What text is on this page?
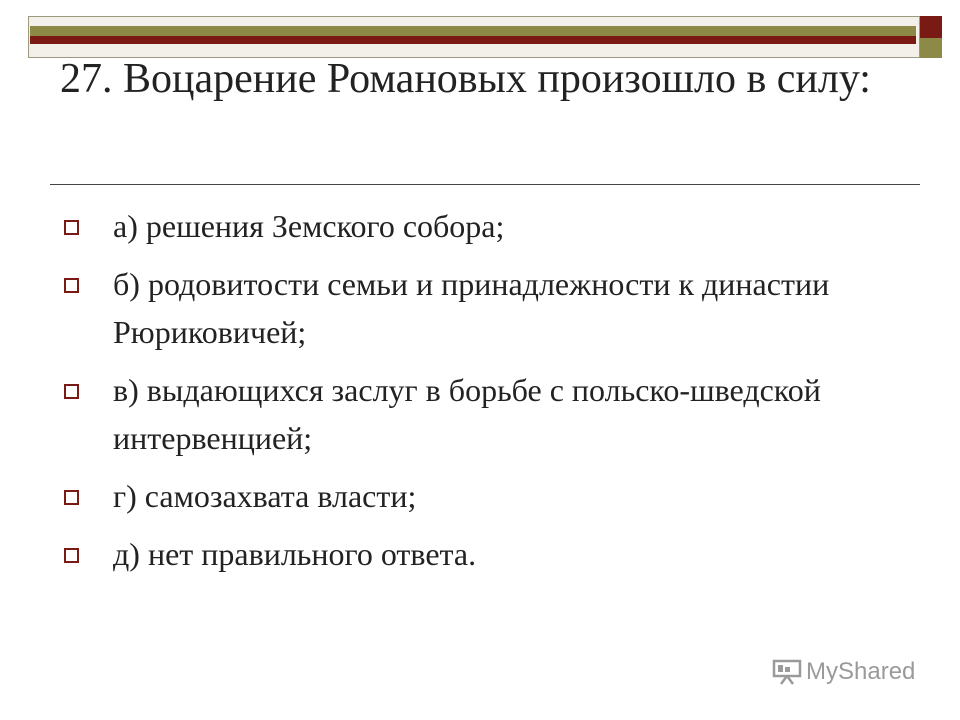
27. Воцарение Романовых произошло в силу:
а) решения Земского собора;
б) родовитости семьи и принадлежности к династии Рюриковичей;
в) выдающихся заслуг в борьбе с польско-шведской интервенцией;
г) самозахвата власти;
д) нет правильного ответа.
MyShared
